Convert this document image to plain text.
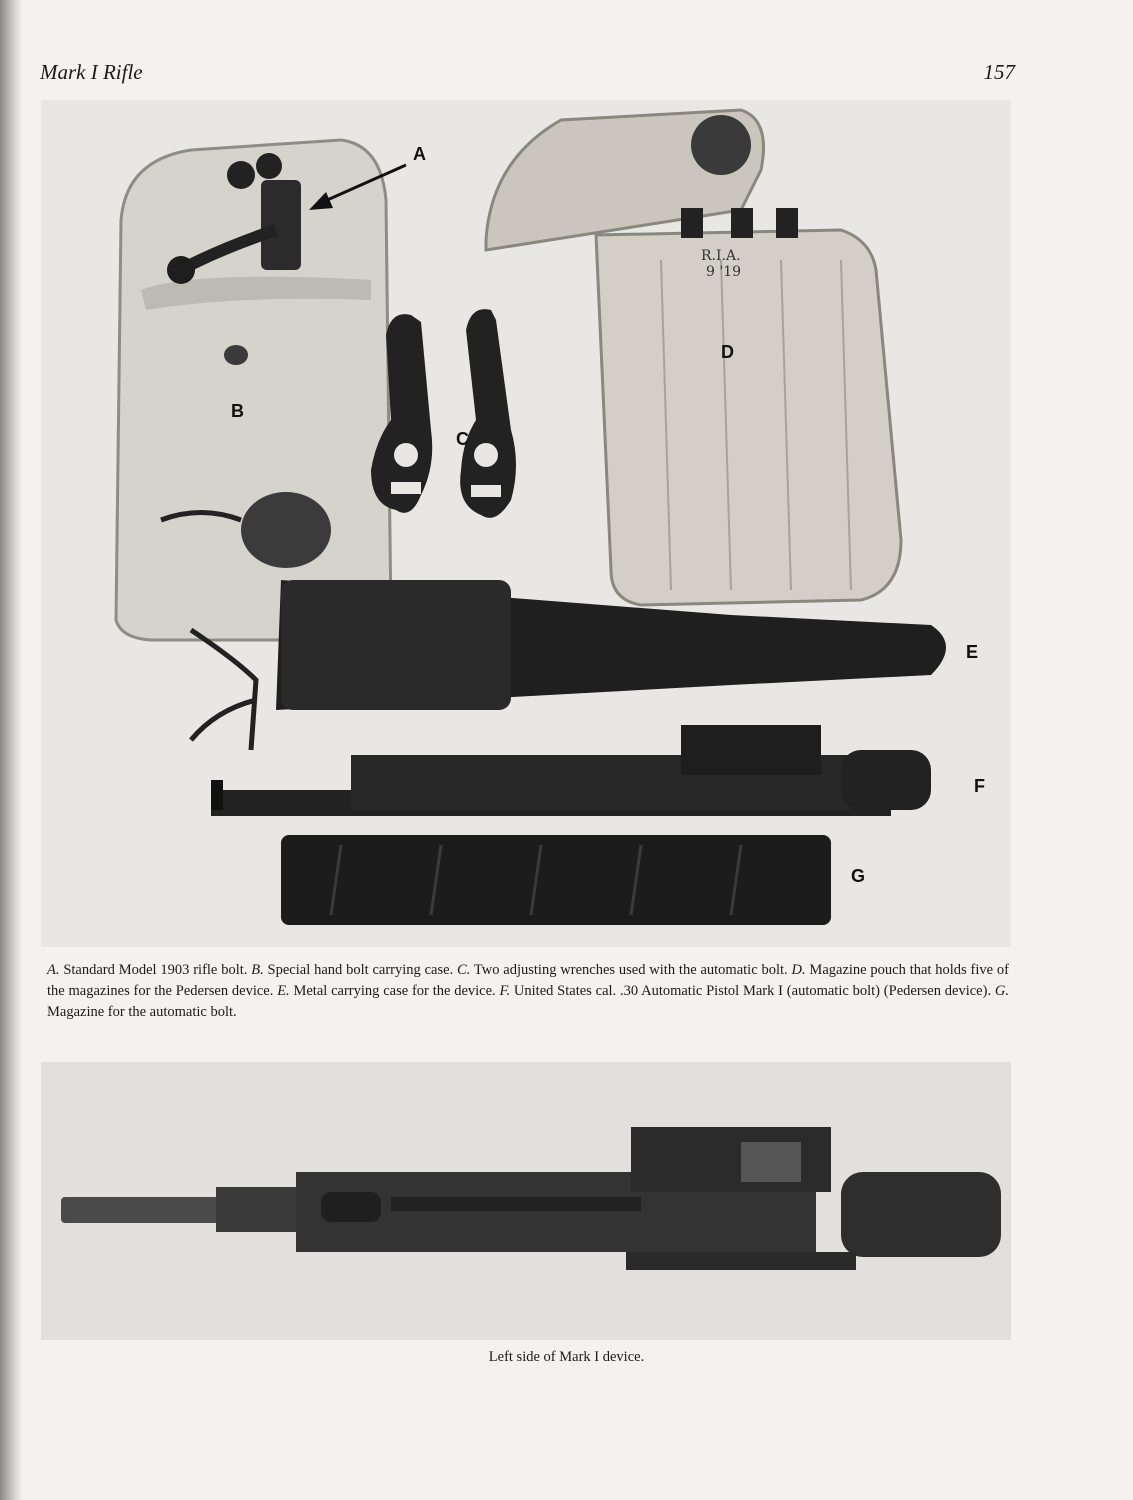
Mark I Rifle	157
R.I.A.
9 '19
A
B
C
D
E
F
G
A. Standard Model 1903 rifle bolt. B. Special hand bolt carrying case. C. Two adjusting wrenches used with the automatic bolt. D. Magazine pouch that holds five of the magazines for the Pedersen device. E. Metal carrying case for the device. F. United States cal. .30 Automatic Pistol Mark I (automatic bolt) (Pedersen device). G. Magazine for the automatic bolt.
Left side of Mark I device.
